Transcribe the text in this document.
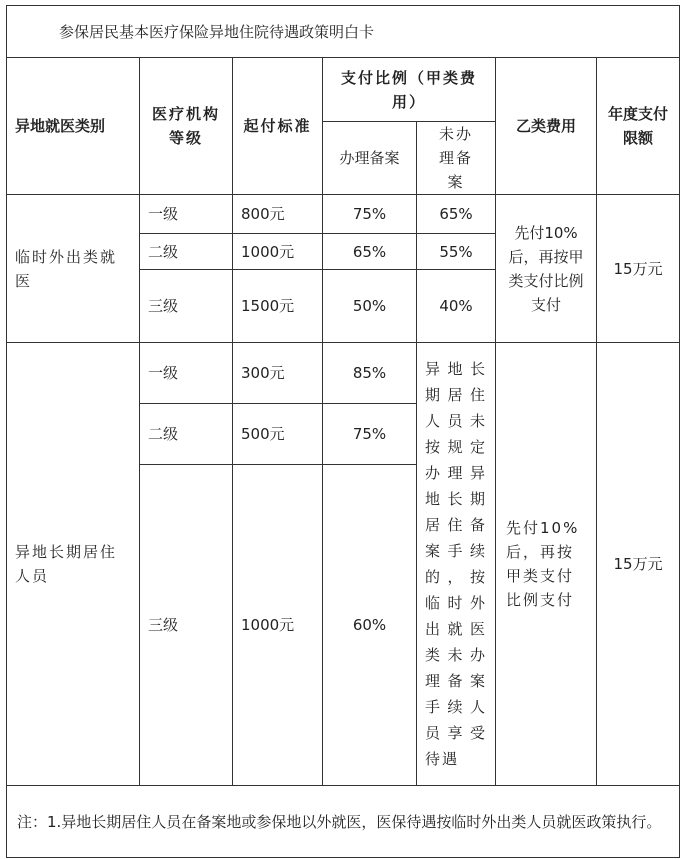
参保居民基本医疗保险异地住院待遇政策明白卡						
异地就医类别	医疗机构等级	起付标准	支付比例（甲类费用）		乙类费用	年度支付限额
			办理备案	未办理备案		
临时外出类就医	一级	800元	75%	65%	先付10%后，再按甲类支付比例支付	15万元
	二级	1000元	65%	55%		
	三级	1500元	50%	40%		
异地长期居住人员	一级	300元	85%	异地长期居住人员未按规定办理异地长期居住备案手续的，按临时外出就医类未办理备案手续人员享受待遇	先付10%后，再按甲类支付比例支付	15万元
	二级	500元	75%			
	三级	1000元	60%			
注：1.异地长期居住人员在备案地或参保地以外就医，医保待遇按临时外出类人员就医政策执行。						
